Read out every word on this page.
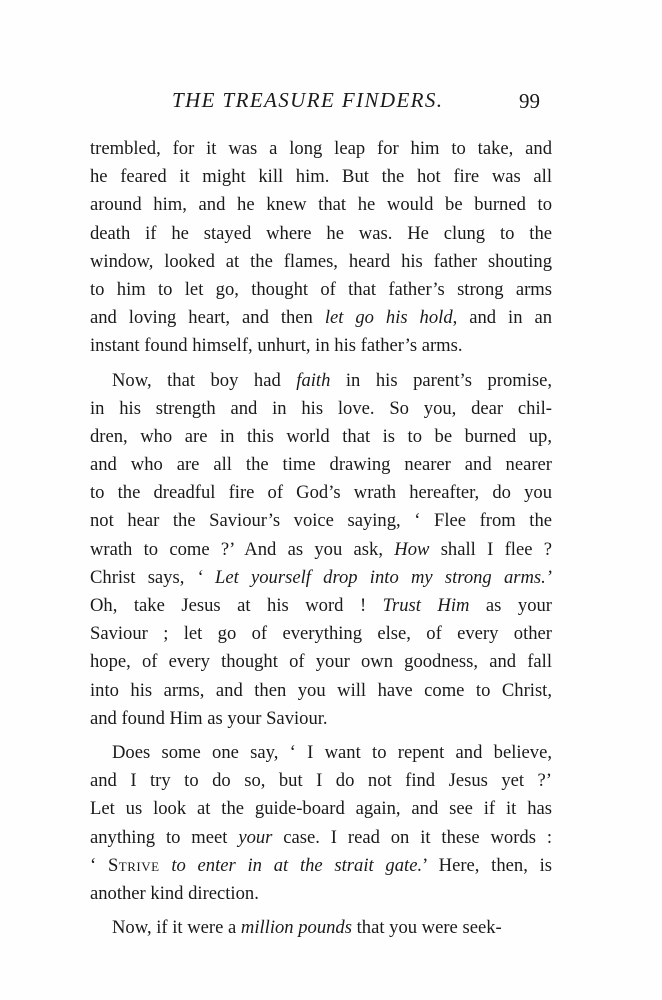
THE TREASURE FINDERS.	99
trembled, for it was a long leap for him to take, and
he feared it might kill him. But the hot fire was all
around him, and he knew that he would be burned to
death if he stayed where he was. He clung to the
window, looked at the flames, heard his father shouting
to him to let go, thought of that father’s strong arms
and loving heart, and then let go his hold, and in an
instant found himself, unhurt, in his father’s arms.
Now, that boy had faith in his parent’s promise,
in his strength and in his love. So you, dear chil-
dren, who are in this world that is to be burned up,
and who are all the time drawing nearer and nearer
to the dreadful fire of God’s wrath hereafter, do you
not hear the Saviour’s voice saying, ‘ Flee from the
wrath to come ?’ And as you ask, How shall I flee ?
Christ says, ‘ Let yourself drop into my strong arms.’
Oh, take Jesus at his word ! Trust Him as your
Saviour ; let go of everything else, of every other
hope, of every thought of your own goodness, and fall
into his arms, and then you will have come to Christ,
and found Him as your Saviour.
Does some one say, ‘ I want to repent and believe,
and I try to do so, but I do not find Jesus yet ?’
Let us look at the guide-board again, and see if it has
anything to meet your case. I read on it these words :
‘ Strive to enter in at the strait gate.’ Here, then, is
another kind direction.
Now, if it were a million pounds that you were seek-
